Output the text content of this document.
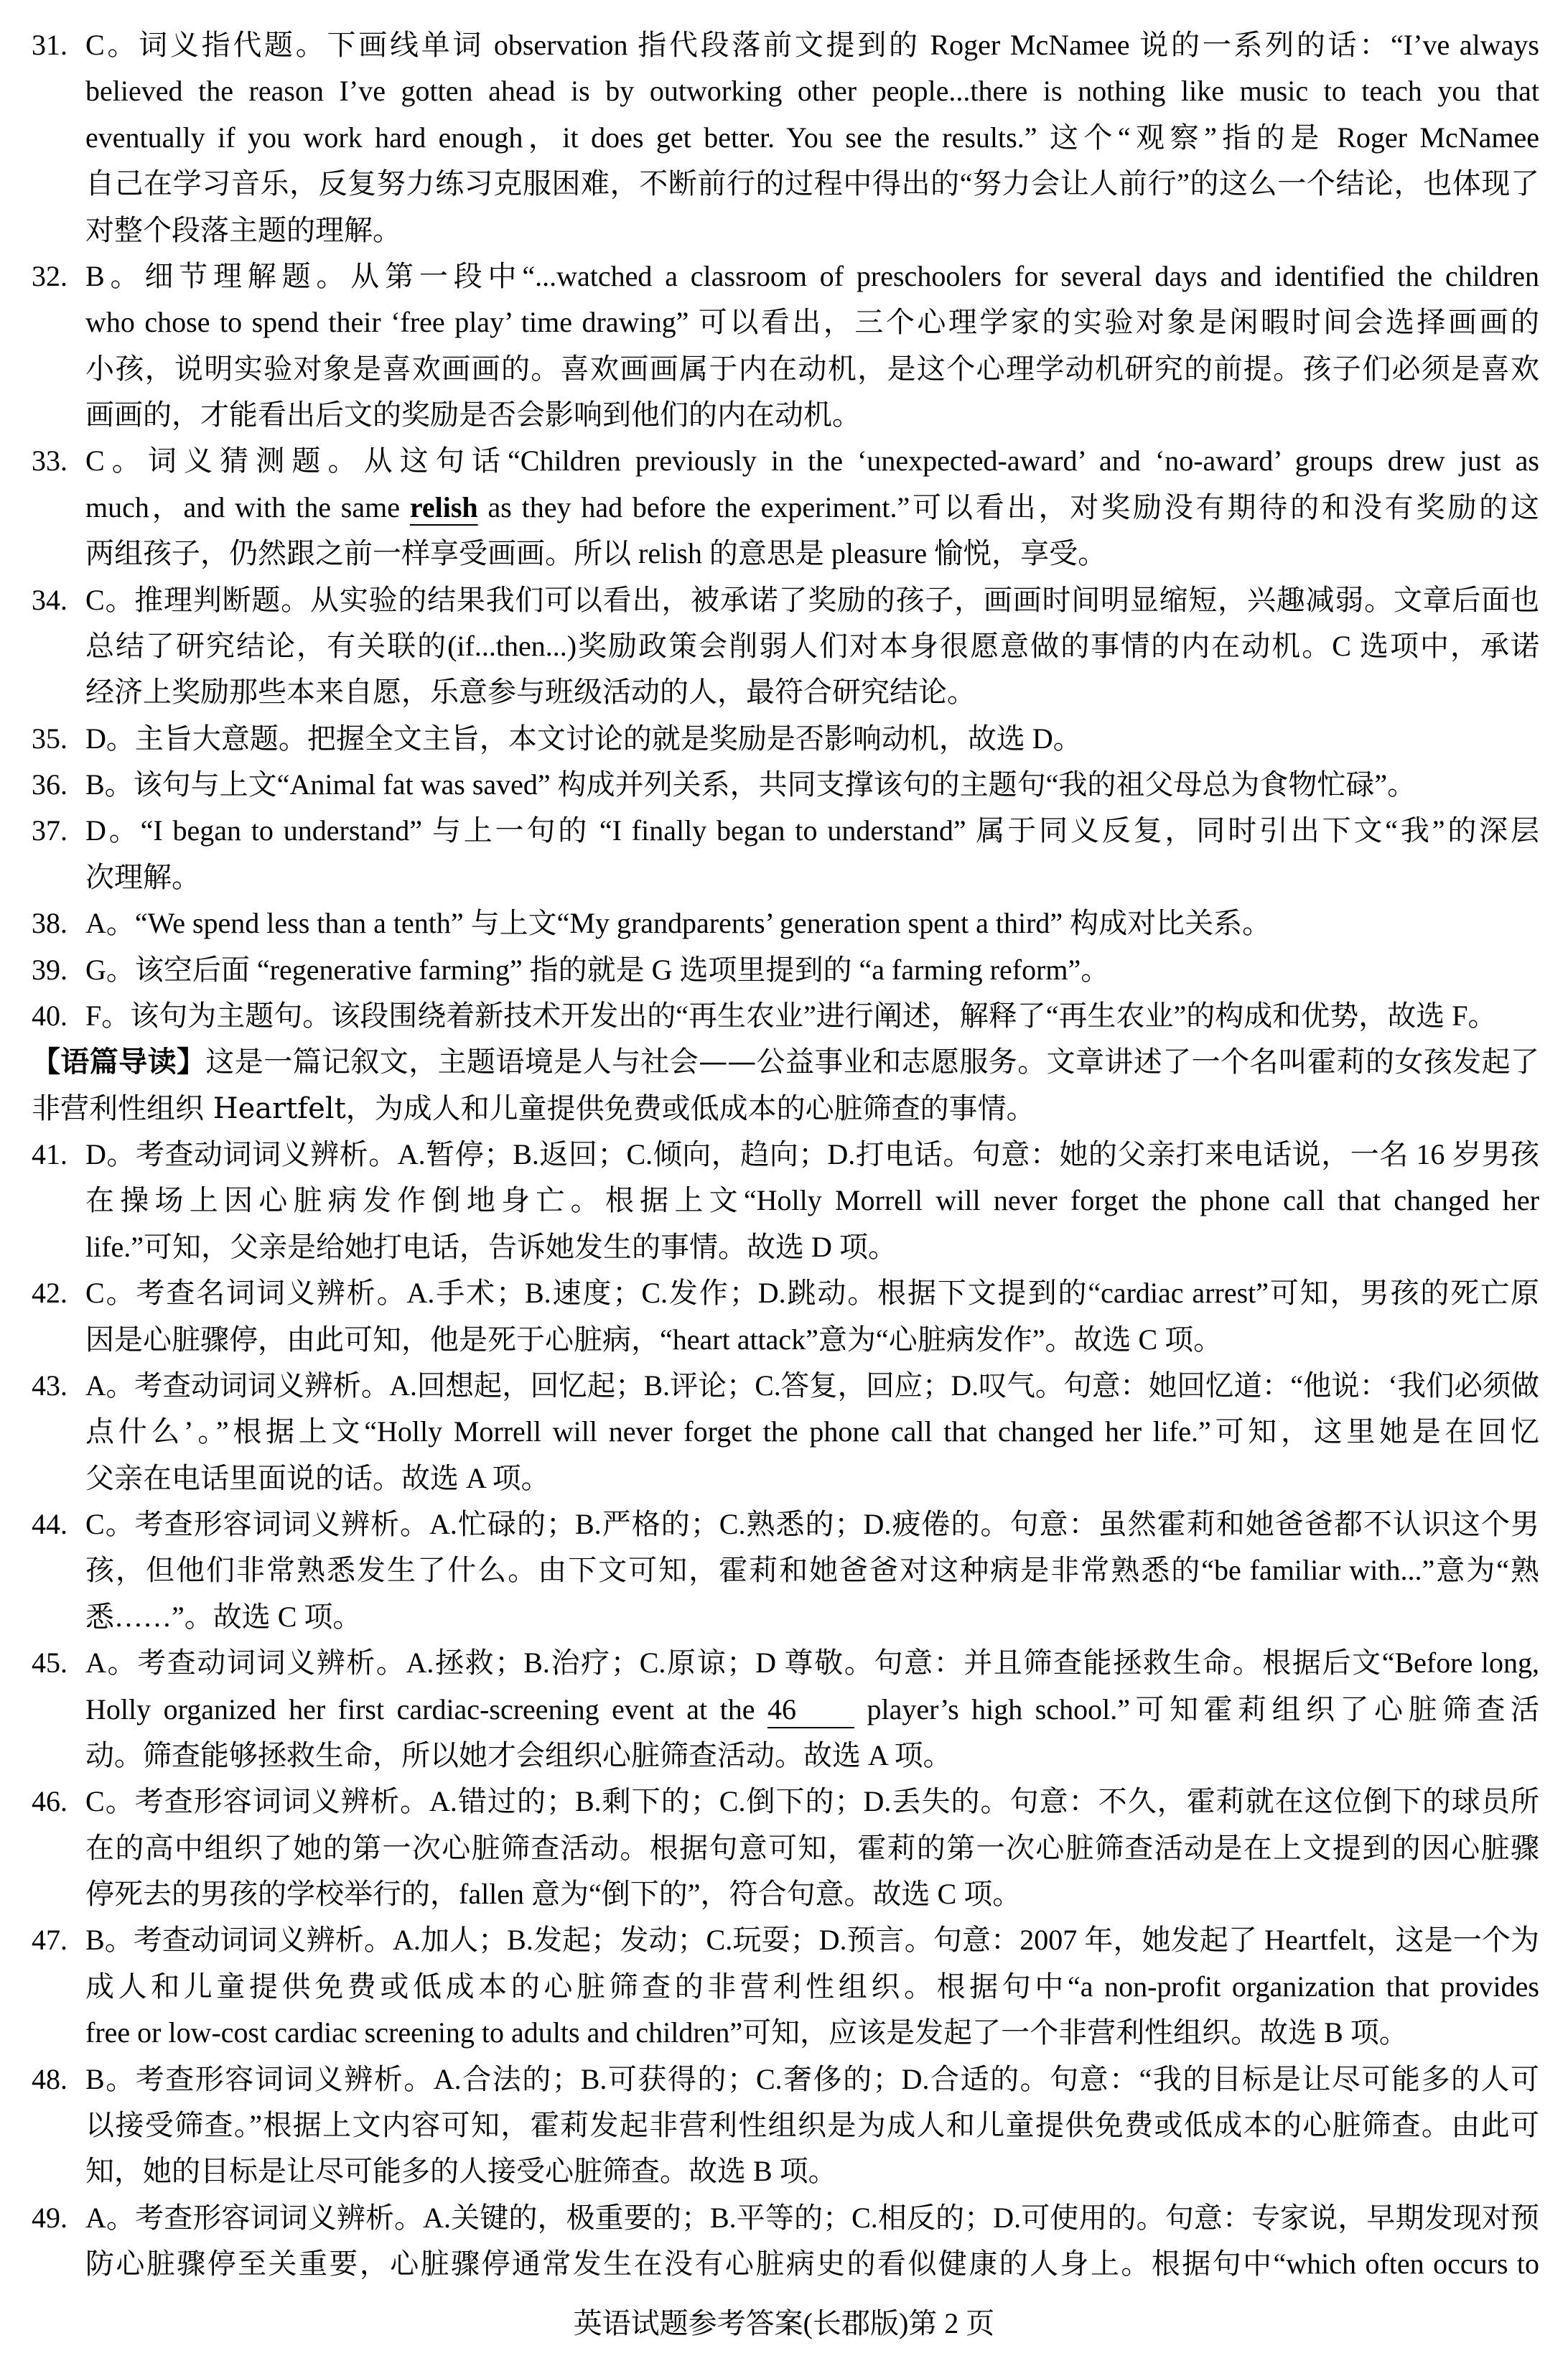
31. C。词义指代题。下画线单词 observation 指代段落前文提到的 Roger McNamee 说的一系列的话：“I’ve always
believed the reason I’ve gotten ahead is by outworking other people...there is nothing like music to teach you that
eventually if you work hard enough，it does get better. You see the results.” 这个“观察”指的是 Roger McNamee
自己在学习音乐，反复努力练习克服困难，不断前行的过程中得出的“努力会让人前行”的这么一个结论，也体现了
对整个段落主题的理解。
32. B。细节理解题。从第一段中“...watched a classroom of preschoolers for several days and identified the children
who chose to spend their ‘free play’ time drawing” 可以看出，三个心理学家的实验对象是闲暇时间会选择画画的
小孩，说明实验对象是喜欢画画的。喜欢画画属于内在动机，是这个心理学动机研究的前提。孩子们必须是喜欢
画画的，才能看出后文的奖励是否会影响到他们的内在动机。
33. C。词义猜测题。从这句话“Children previously in the ‘unexpected-award’ and ‘no-award’ groups drew just as
much，and with the same relish as they had before the experiment.”可以看出，对奖励没有期待的和没有奖励的这
两组孩子，仍然跟之前一样享受画画。所以 relish 的意思是 pleasure 愉悦，享受。
34. C。推理判断题。从实验的结果我们可以看出，被承诺了奖励的孩子，画画时间明显缩短，兴趣减弱。文章后面也
总结了研究结论，有关联的(if...then...)奖励政策会削弱人们对本身很愿意做的事情的内在动机。C 选项中，承诺
经济上奖励那些本来自愿，乐意参与班级活动的人，最符合研究结论。
35. D。主旨大意题。把握全文主旨，本文讨论的就是奖励是否影响动机，故选 D。
36. B。该句与上文“Animal fat was saved” 构成并列关系，共同支撑该句的主题句“我的祖父母总为食物忙碌”。
37. D。“I began to understand” 与上一句的 “I finally began to understand” 属于同义反复，同时引出下文“我”的深层
次理解。
38. A。“We spend less than a tenth” 与上文“My grandparents’ generation spent a third” 构成对比关系。
39. G。该空后面 “regenerative farming” 指的就是 G 选项里提到的 “a farming reform”。
40. F。该句为主题句。该段围绕着新技术开发出的“再生农业”进行阐述，解释了“再生农业”的构成和优势，故选 F。
【语篇导读】这是一篇记叙文，主题语境是人与社会——公益事业和志愿服务。文章讲述了一个名叫霍莉的女孩发起了
非营利性组织 Heartfelt，为成人和儿童提供免费或低成本的心脏筛查的事情。
41. D。考查动词词义辨析。A.暂停；B.返回；C.倾向，趋向；D.打电话。句意：她的父亲打来电话说，一名 16 岁男孩
在操场上因心脏病发作倒地身亡。根据上文“Holly Morrell will never forget the phone call that changed her
life.”可知，父亲是给她打电话，告诉她发生的事情。故选 D 项。
42. C。考查名词词义辨析。A.手术；B.速度；C.发作；D.跳动。根据下文提到的“cardiac arrest”可知，男孩的死亡原
因是心脏骤停，由此可知，他是死于心脏病，“heart attack”意为“心脏病发作”。故选 C 项。
43. A。考查动词词义辨析。A.回想起，回忆起；B.评论；C.答复，回应；D.叹气。句意：她回忆道：“他说：‘我们必须做
点什么’。”根据上文“Holly Morrell will never forget the phone call that changed her life.”可知，这里她是在回忆
父亲在电话里面说的话。故选 A 项。
44. C。考查形容词词义辨析。A.忙碌的；B.严格的；C.熟悉的；D.疲倦的。句意：虽然霍莉和她爸爸都不认识这个男
孩，但他们非常熟悉发生了什么。由下文可知，霍莉和她爸爸对这种病是非常熟悉的“be familiar with...”意为“熟
悉……”。故选 C 项。
45. A。考查动词词义辨析。A.拯救；B.治疗；C.原谅；D 尊敬。句意：并且筛查能拯救生命。根据后文“Before long,
Holly organized her first cardiac-screening event at the 46 player’s high school.”可知霍莉组织了心脏筛查活
动。筛查能够拯救生命，所以她才会组织心脏筛查活动。故选 A 项。
46. C。考查形容词词义辨析。A.错过的；B.剩下的；C.倒下的；D.丢失的。句意：不久，霍莉就在这位倒下的球员所
在的高中组织了她的第一次心脏筛查活动。根据句意可知，霍莉的第一次心脏筛查活动是在上文提到的因心脏骤
停死去的男孩的学校举行的，fallen 意为“倒下的”，符合句意。故选 C 项。
47. B。考查动词词义辨析。A.加人；B.发起；发动；C.玩耍；D.预言。句意：2007 年，她发起了 Heartfelt，这是一个为
成人和儿童提供免费或低成本的心脏筛查的非营利性组织。根据句中“a non-profit organization that provides
free or low-cost cardiac screening to adults and children”可知，应该是发起了一个非营利性组织。故选 B 项。
48. B。考查形容词词义辨析。A.合法的；B.可获得的；C.奢侈的；D.合适的。句意：“我的目标是让尽可能多的人可
以接受筛查。”根据上文内容可知，霍莉发起非营利性组织是为成人和儿童提供免费或低成本的心脏筛查。由此可
知，她的目标是让尽可能多的人接受心脏筛查。故选 B 项。
49. A。考查形容词词义辨析。A.关键的，极重要的；B.平等的；C.相反的；D.可使用的。句意：专家说，早期发现对预
防心脏骤停至关重要，心脏骤停通常发生在没有心脏病史的看似健康的人身上。根据句中“which often occurs to
英语试题参考答案(长郡版)第 2 页
